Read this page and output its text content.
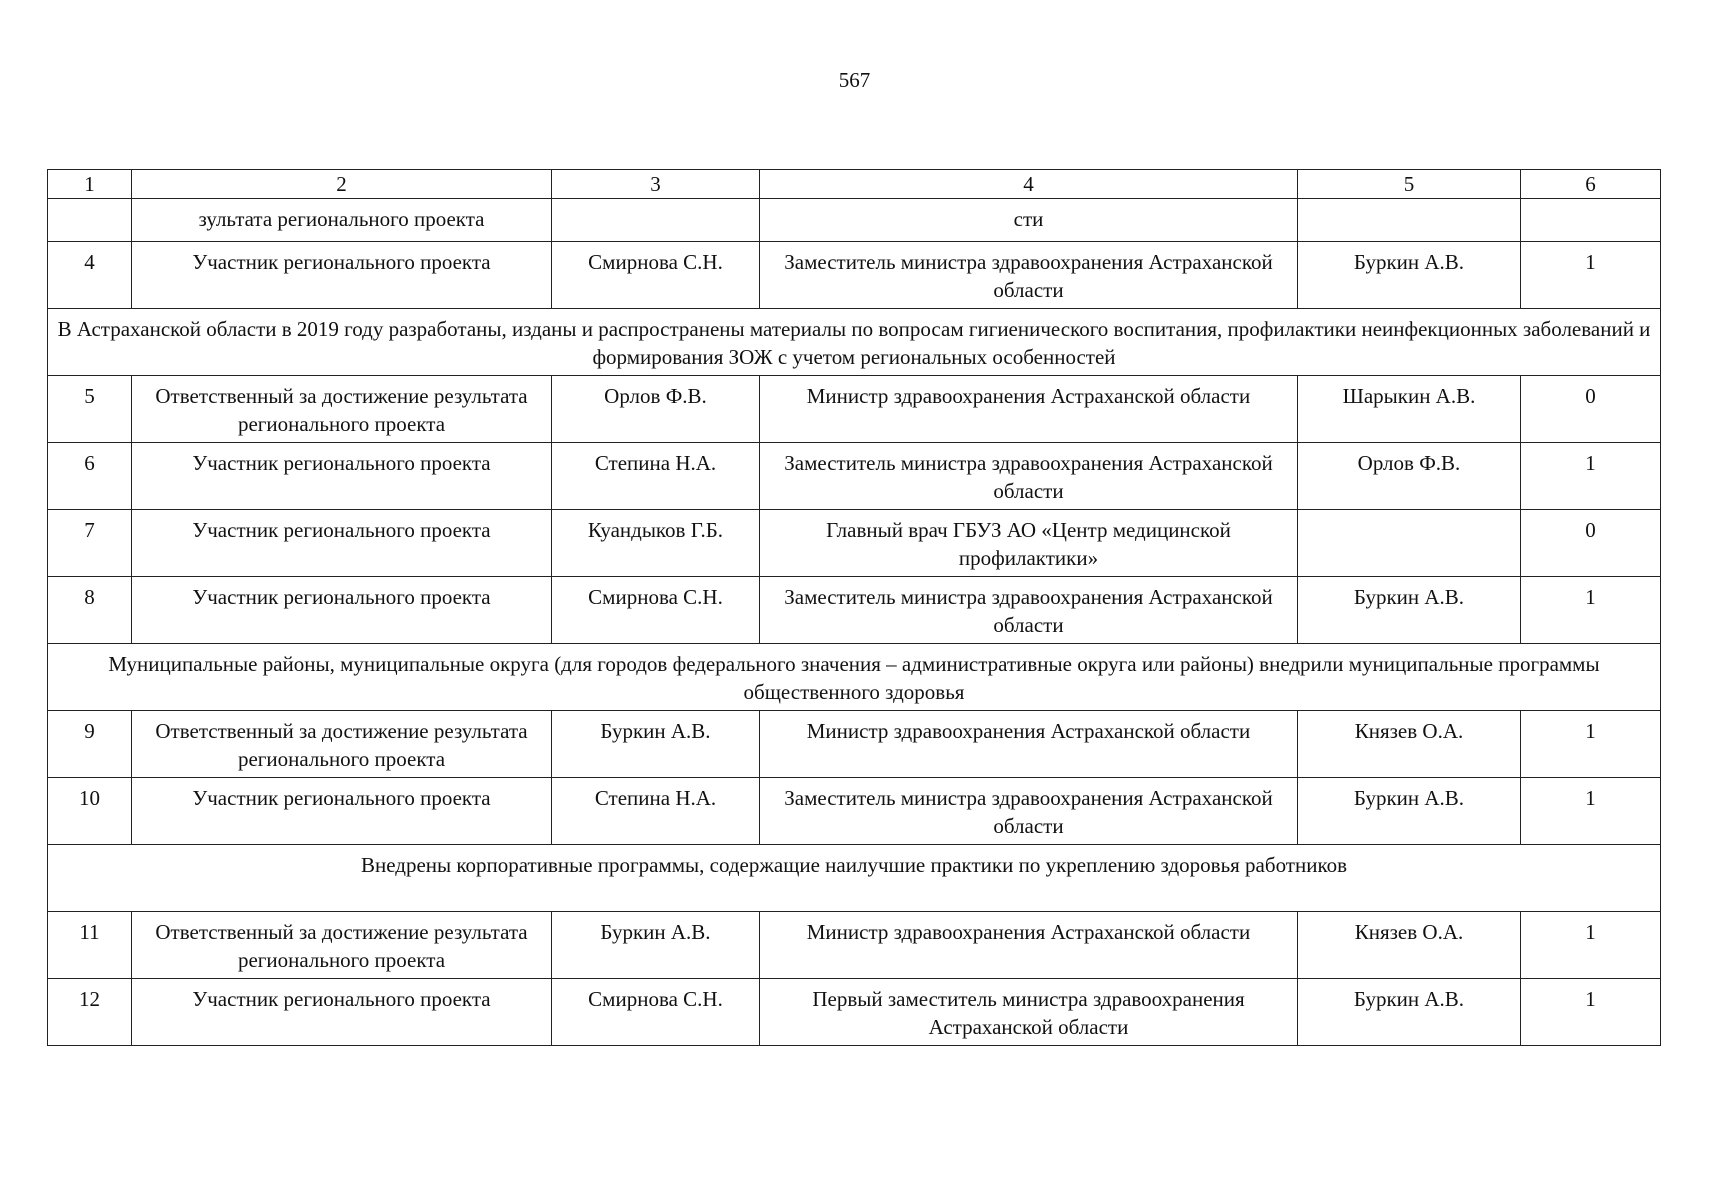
567
1	2	3	4	5	6
	зультата регионального проекта		сти		
4	Участник регионального проекта	Смирнова С.Н.	Заместитель министра здравоохранения Астраханской области	Буркин А.В.	1
В Астраханской области в 2019 году разработаны, изданы и распространены материалы по вопросам гигиенического воспитания, профилактики неинфекционных заболеваний и формирования ЗОЖ с учетом региональных особенностей					
5	Ответственный за достижение результата регионального проекта	Орлов Ф.В.	Министр здравоохранения Астраханской области	Шарыкин А.В.	0
6	Участник регионального проекта	Степина Н.А.	Заместитель министра здравоохранения Астраханской области	Орлов Ф.В.	1
7	Участник регионального проекта	Куандыков Г.Б.	Главный врач ГБУЗ АО «Центр медицинской профилактики»		0
8	Участник регионального проекта	Смирнова С.Н.	Заместитель министра здравоохранения Астраханской области	Буркин А.В.	1
Муниципальные районы, муниципальные округа (для городов федерального значения – административные округа или районы) внедрили муниципальные программы общественного здоровья					
9	Ответственный за достижение результата регионального проекта	Буркин А.В.	Министр здравоохранения Астраханской области	Князев О.А.	1
10	Участник регионального проекта	Степина Н.А.	Заместитель министра здравоохранения Астраханской области	Буркин А.В.	1
Внедрены корпоративные программы, содержащие наилучшие практики по укреплению здоровья работников					
11	Ответственный за достижение результата регионального проекта	Буркин А.В.	Министр здравоохранения Астраханской области	Князев О.А.	1
12	Участник регионального проекта	Смирнова С.Н.	Первый заместитель министра здравоохранения Астраханской области	Буркин А.В.	1
